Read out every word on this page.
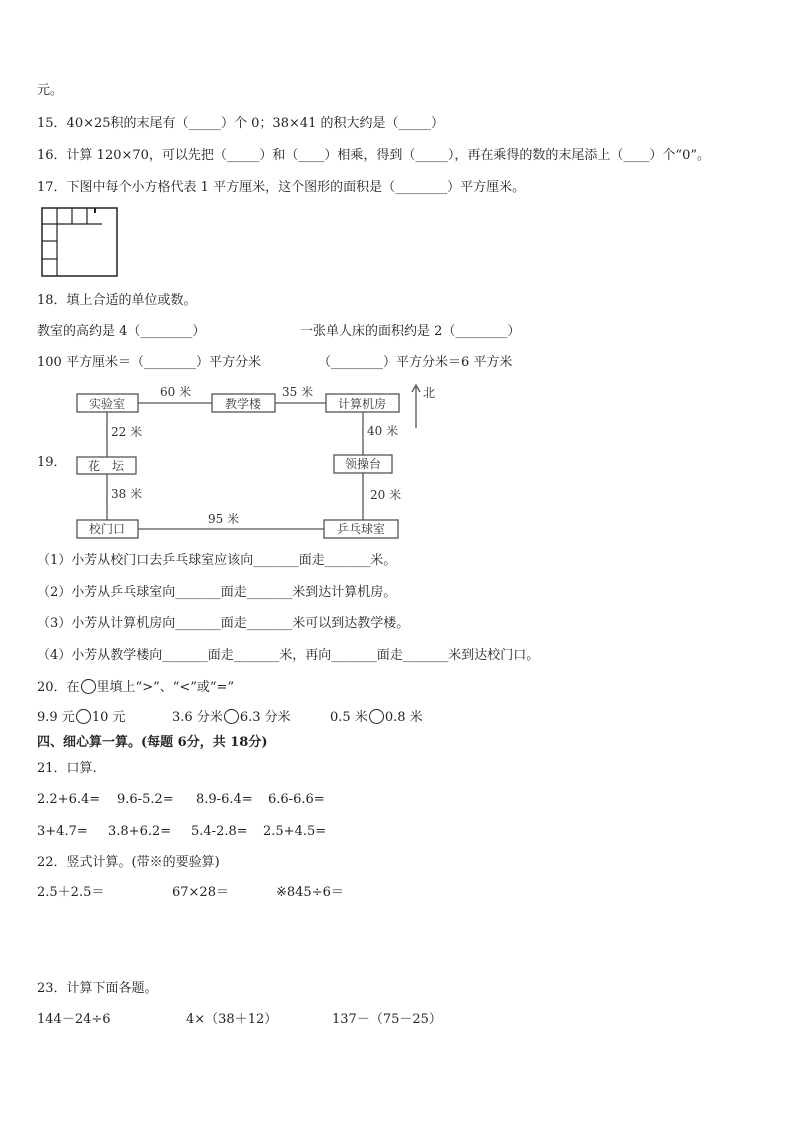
元。
15．40×25积的末尾有（_____）个 0；38×41 的积大约是（_____）
16．计算 120×70，可以先把（_____）和（____）相乘，得到（_____），再在乘得的数的末尾添上（____）个“0”。
17．下图中每个小方格代表 1 平方厘米，这个图形的面积是（________）平方厘米。
18．填上合适的单位或数。
教室的高约是 4（________）	一张单人床的面积约是 2（________）
100 平方厘米＝（________）平方分米	（________）平方分米＝6 平方米
19．
实验室	教学楼	计算机房
花　坛	领操台
校门口	乒乓球室
60 米	35 米
22 米	40 米
38 米	20 米
95 米
北
（1）小芳从校门口去乒乓球室应该向_______面走_______米。
（2）小芳从乒乓球室向_______面走_______米到达计算机房。
（3）小芳从计算机房向_______面走_______米可以到达教学楼。
（4）小芳从教学楼向_______面走_______米，再向_______面走_______米到达校门口。
20．在 里填上“>”、“<”或“=”
9.9 元 10 元	3.6 分米 6.3 分米	0.5 米 0.8 米
四、细心算一算。(每题 6分，共 18分)
21．口算.
2.2+6.4= 9.6-5.2= 8.9-6.4= 6.6-6.6=
3+4.7= 3.8+6.2= 5.4-2.8= 2.5+4.5=
22．竖式计算。(带※的要验算)
2.5＋2.5＝	67×28＝	※845÷6＝
23．计算下面各题。
144－24÷6	4×（38＋12）	137－（75－25）
